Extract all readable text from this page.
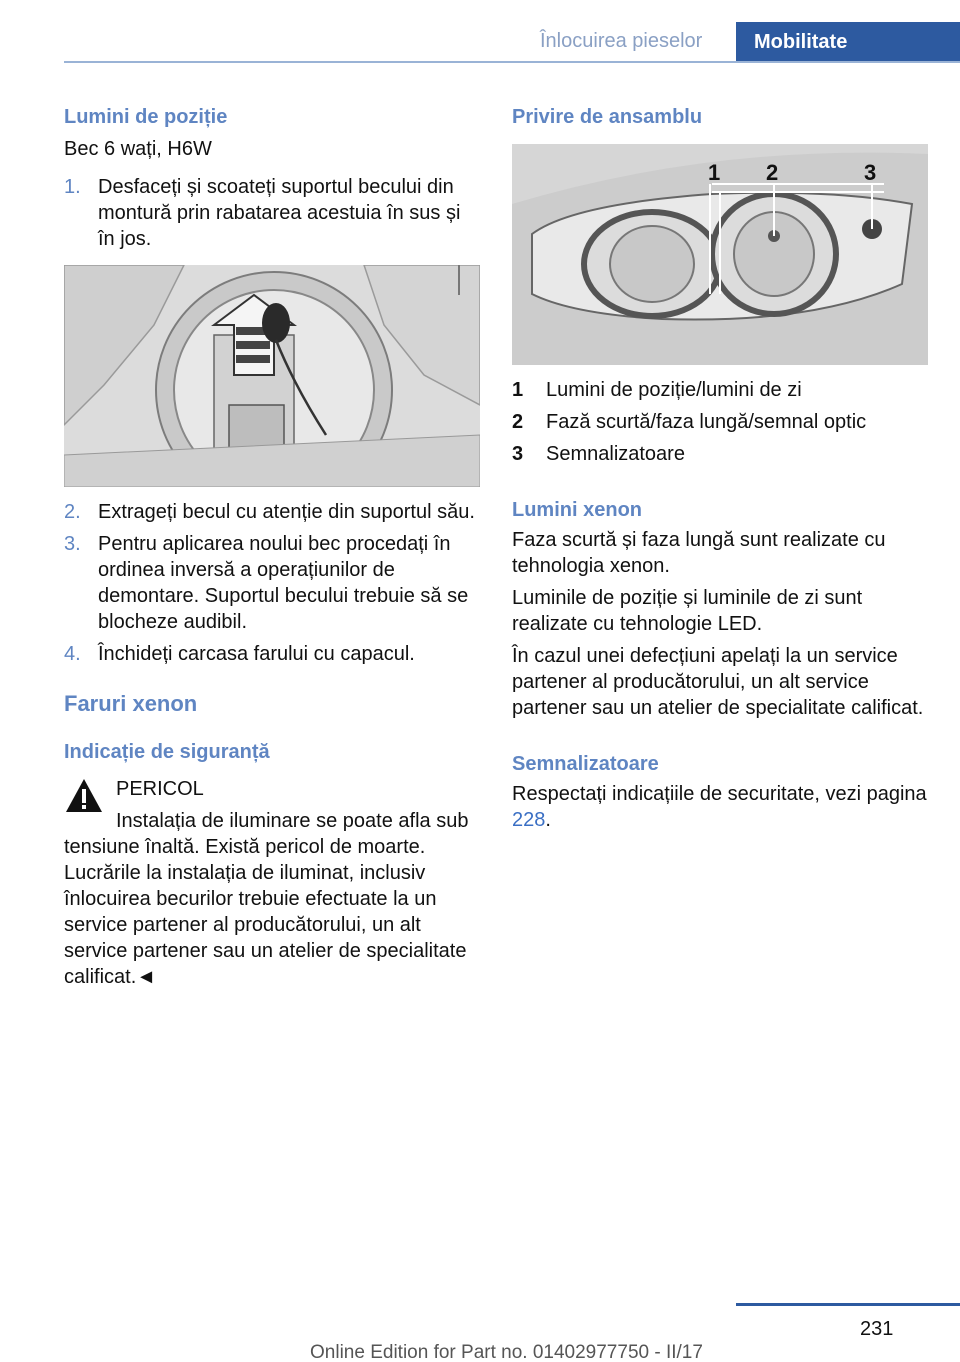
Înlocuirea pieselor	Mobilitate
Lumini de poziție
Bec 6 wați, H6W
1. Desfaceți și scoateți suportul becului din montură prin rabatarea acestuia în sus și în jos.
2. Extrageți becul cu atenție din suportul său.
3. Pentru aplicarea noului bec procedați în ordinea inversă a operațiunilor de demontare. Suportul becului trebuie să se blocheze audibil.
4. Închideți carcasa farului cu capacul.
Faruri xenon
Indicație de siguranță
PERICOL
Instalația de iluminare se poate afla sub tensiune înaltă. Există pericol de moarte. Lucrările la instalația de iluminat, inclusiv înlocuirea becurilor trebuie efectuate la un service partener al producătorului, un alt service partener sau un atelier de specialitate calificat.◄
Privire de ansamblu
1 2	3
1 Lumini de poziție/lumini de zi
2 Fază scurtă/faza lungă/semnal optic
3 Semnalizatoare
Lumini xenon
Faza scurtă și faza lungă sunt realizate cu tehnologia xenon.
Luminile de poziție și luminile de zi sunt realizate cu tehnologie LED.
În cazul unei defecțiuni apelați la un service partener al producătorului, un alt service partener sau un atelier de specialitate calificat.
Semnalizatoare
Respectați indicațiile de securitate, vezi pagina 228.
231
Online Edition for Part no. 01402977750 - II/17
